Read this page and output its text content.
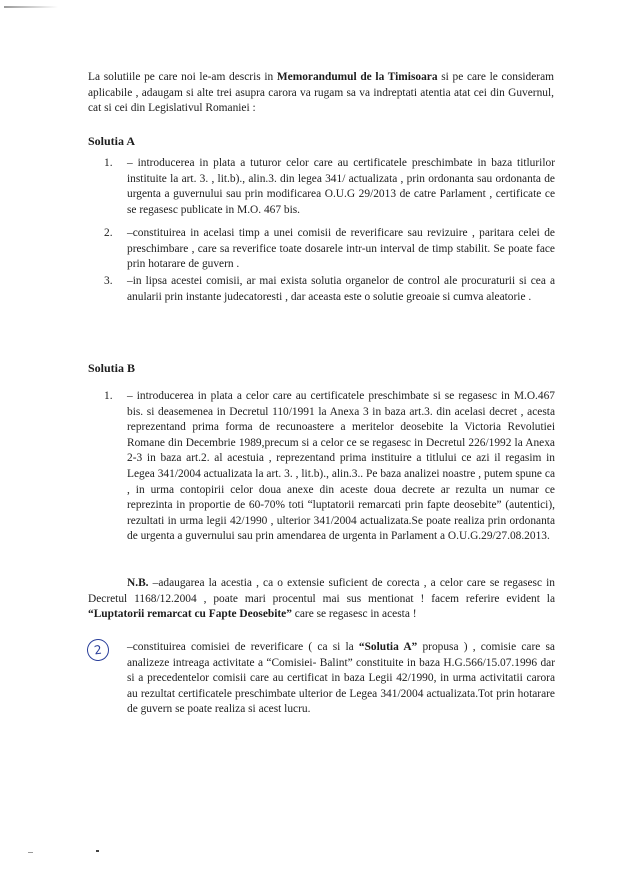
La solutiile pe care noi le-am descris in Memorandumul de la Timisoara si pe care le consideram aplicabile , adaugam si alte trei asupra carora va rugam sa va indreptati atentia atat cei din Guvernul, cat si cei din Legislativul Romaniei :

Solutia A

1. – introducerea in plata a tuturor celor care au certificatele preschimbate in baza titlurilor instituite la art. 3. , lit.b)., alin.3. din legea 341/ actualizata , prin ordonanta sau ordonanta de urgenta a guvernului sau prin modificarea O.U.G 29/2013 de catre Parlament , certificate ce se regasesc publicate in M.O. 467 bis.

2. –constituirea in acelasi timp a unei comisii de reverificare sau revizuire , paritara celei de preschimbare , care sa reverifice toate dosarele intr-un interval de timp stabilit. Se poate face prin hotarare de guvern .

3. –in lipsa acestei comisii, ar mai exista solutia organelor de control ale procuraturii si cea a anularii prin instante judecatoresti , dar aceasta este o solutie greoaie si cumva aleatorie .

Solutia B

1. – introducerea in plata a celor care au certificatele preschimbate si se regasesc in M.O.467 bis. si deasemenea in Decretul 110/1991 la Anexa 3 in baza art.3. din acelasi decret , acesta reprezentand prima forma de recunoastere a meritelor deosebite la Victoria Revolutiei Romane din Decembrie 1989,precum si a celor ce se regasesc in Decretul 226/1992 la Anexa 2-3 in baza art.2. al acestuia , reprezentand prima instituire a titlului ce azi il regasim in Legea 341/2004 actualizata la art. 3. , lit.b)., alin.3.. Pe baza analizei noastre , putem spune ca , in urma contopirii celor doua anexe din aceste doua decrete ar rezulta un numar ce reprezinta in proportie de 60-70% toti “luptatorii remarcati prin fapte deosebite” (autentici), rezultati in urma legii 42/1990 , ulterior 341/2004 actualizata.Se poate realiza prin ordonanta de urgenta a guvernului sau prin amendarea de urgenta in Parlament a O.U.G.29/27.08.2013.

N.B. –adaugarea la acestia , ca o extensie suficient de corecta , a celor care se regasesc in Decretul 1168/12.2004 , poate mari procentul mai sus mentionat ! facem referire evident la “Luptatorii remarcat cu Fapte Deosebite” care se regasesc in acesta !

2	–constituirea comisiei de reverificare ( ca si la “Solutia A” propusa ) , comisie care sa analizeze intreaga activitate a “Comisiei- Balint” constituite in baza H.G.566/15.07.1996 dar si a precedentelor comisii care au certificat in baza Legii 42/1990, in urma activitatii carora au rezultat certificatele preschimbate ulterior de Legea 341/2004 actualizata.Tot prin hotarare de guvern se poate realiza si acest lucru.
